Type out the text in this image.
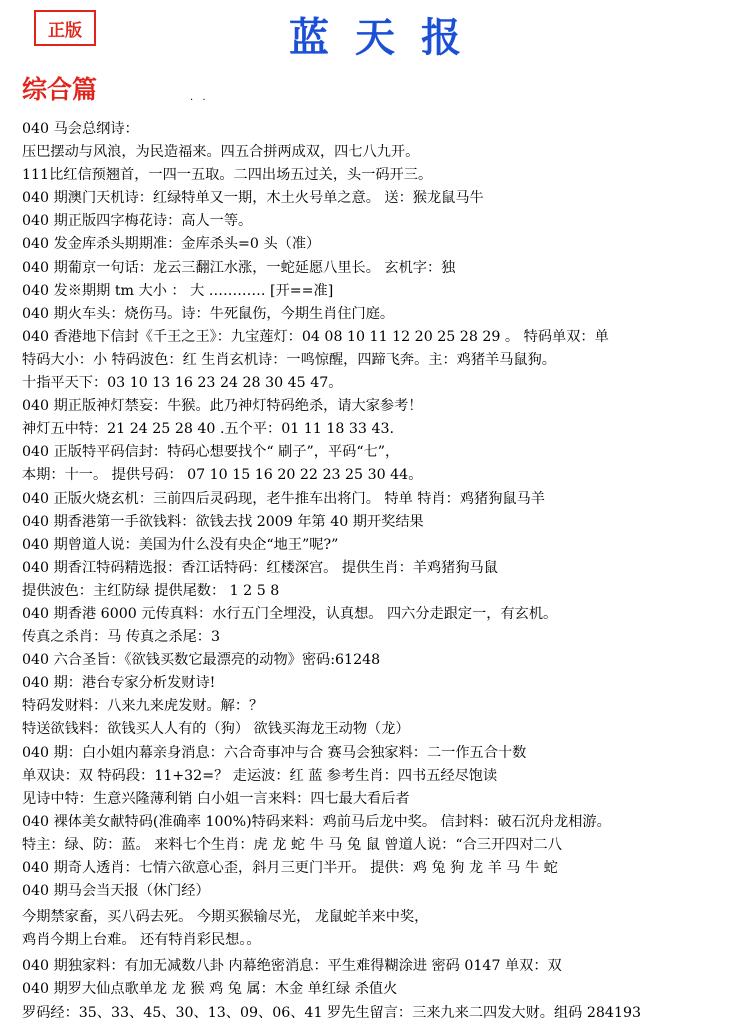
正版	蓝天报
综合篇	. .
040 马会总纲诗：
压巴摆动与风浪，为民造福来。四五合拼两成双，四七八九开。
111比红信预翘首，一四一五取。二四出场五过关，头一码开三。
040 期澳门天机诗：红绿特单又一期，木土火号单之意。 送：猴龙鼠马牛
040 期正版四字梅花诗：高人一等。
040 发金库杀头期期准：金库杀头=0 头（准）
040 期葡京一句话：龙云三翻江水涨，一蛇延愿八里长。 玄机字：独
040 发※期期 tm 大小 ： 大 ………… [开==准]
040 期火车头：烧伤马。诗：牛死鼠伤，今期生肖住门庭。
040 香港地下信封《千王之王》：九宝莲灯：04 08 10 11 12 20 25 28 29 。 特码单双：单
特码大小：小 特码波色：红 生肖玄机诗：一鸣惊醒，四蹄飞奔。主：鸡猪羊马鼠狗。
十指平天下：03 10 13 16 23 24 28 30 45 47。
040 期正版神灯禁妄：牛猴。此乃神灯特码绝杀，请大家参考！
神灯五中特：21 24 25 28 40 .五个平：01 11 18 33 43.
040 正版特平码信封：特码心想要找个“ 刷子”，平码“七”，
本期：十一。 提供号码： 07 10 15 16 20 22 23 25 30 44。
040 正版火烧玄机：三前四后灵码现，老牛推车出将门。 特单 特肖：鸡猪狗鼠马羊
040 期香港第一手欲钱料：欲钱去找 2009 年第 40 期开奖结果
040 期曾道人说：美国为什么没有央企“地王”呢?”
040 期香江特码精选报：香江话特码：红楼深宫。 提供生肖：羊鸡猪狗马鼠
提供波色：主红防绿 提供尾数： 1 2 5 8
040 期香港 6000 元传真料：水行五门全埋没，认真想。 四六分走跟定一，有玄机。
传真之杀肖：马 传真之杀尾：3
040 六合圣旨：《欲钱买数它最漂亮的动物》密码:61248
040 期：港台专家分析发财诗!
特码发财料：八来九来虎发财。解：？
特送欲钱料：欲钱买人人有的（狗） 欲钱买海龙王动物（龙）
040 期：白小姐内幕亲身消息：六合奇事冲与合 赛马会独家料：二一作五合十数
单双诀：双 特码段：11+32=？ 走运波：红 蓝 参考生肖：四书五经尽饱读
见诗中特：生意兴隆薄利销 白小姐一言来料：四七最大看后者
040 裸体美女献特码(准确率 100%)特码来料：鸡前马后龙中奖。 信封料：破石沉舟龙相游。
特主：绿、防：蓝。 来料七个生肖：虎 龙 蛇 牛 马 兔 鼠 曾道人说：“合三开四对二八
040 期奇人透肖：七情六欲意心歪，斜月三更门半开。 提供：鸡 兔 狗 龙 羊 马 牛 蛇
040 期马会当天报（休门经）
今期禁家畜，买八码去死。 今期买猴输尽光， 龙鼠蛇羊来中奖，
鸡肖今期上台难。 还有特肖彩民想。。
040 期独家料：有加无减数八卦 内幕绝密消息：平生难得糊涂进 密码 0147 单双：双
040 期罗大仙点歌单龙 龙 猴 鸡 兔 属：木金 单红绿 杀值火
罗码经：35、33、45、30、13、09、06、41 罗先生留言：三来九来二四发大财。组码 284193
